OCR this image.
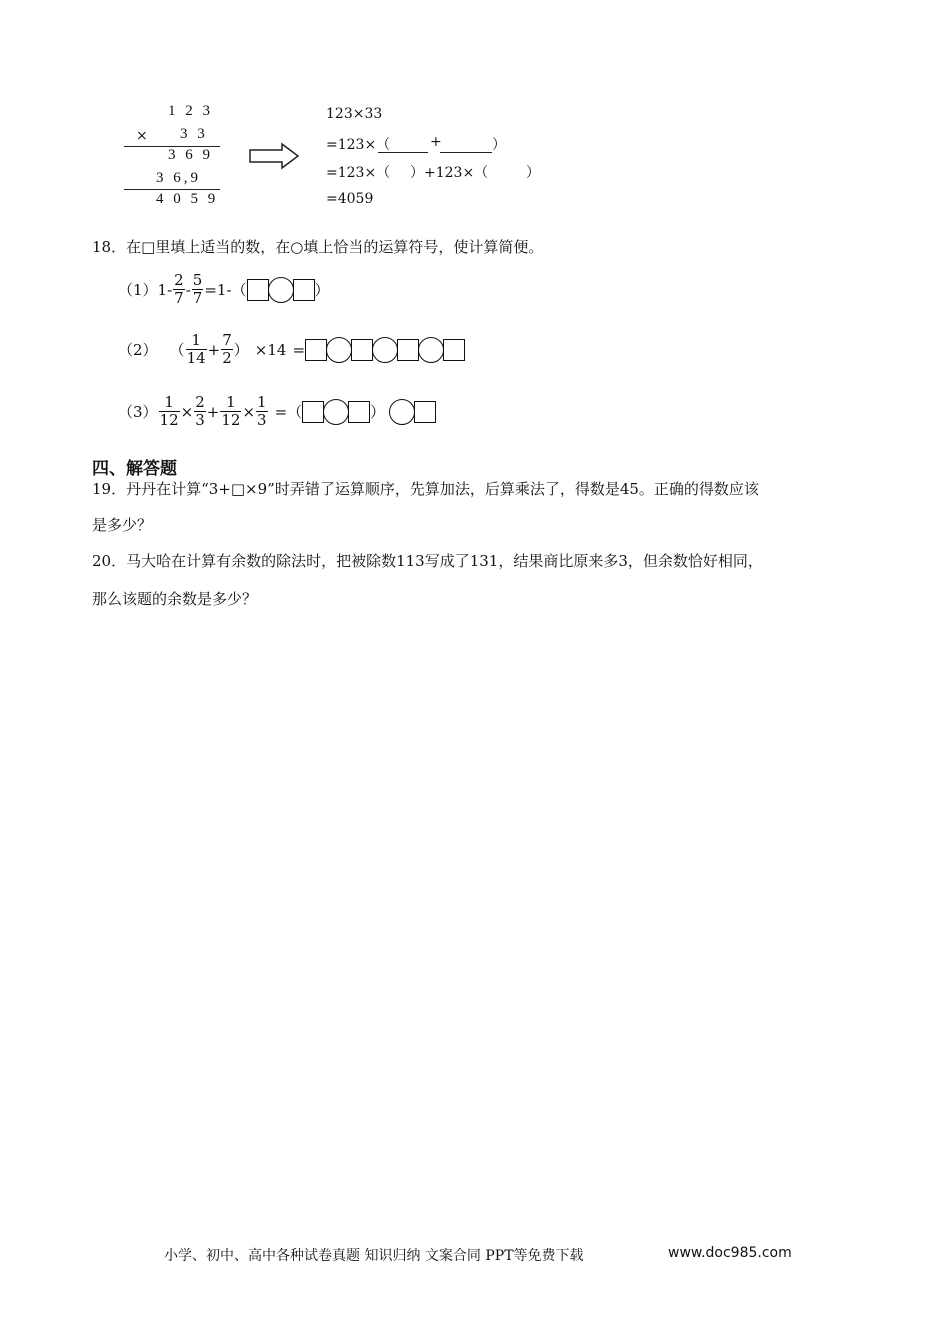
1 2 3
× 3 3
3 6 9
3 6,9
4 0 5 9
123×33
=123×（	+	）
=123×（ ）+123×（	）
=4059
18．在□里填上适当的数，在○填上恰当的运算符号，使计算简便。
（1） $1- \frac{2}{7} - \frac{5}{7} =1-$（	）
（2） （ $\frac{1}{14} + \frac{7}{2}$ ） ×14 =
$(3) \frac{1}{12} \times \frac{2}{3} + \frac{1}{12} \times \frac{1}{3}$ =（	）
四、解答题
19．丹丹在计算“3+□×9”时弄错了运算顺序，先算加法，后算乘法了，得数是45。正确的得数应该
是多少？
20．马大哈在计算有余数的除法时，把被除数113写成了131，结果商比原来多3，但余数恰好相同，
那么该题的余数是多少？
小学、初中、高中各种试卷真题 知识归纳 文案合同 PPT等免费下载	www.doc985.com
